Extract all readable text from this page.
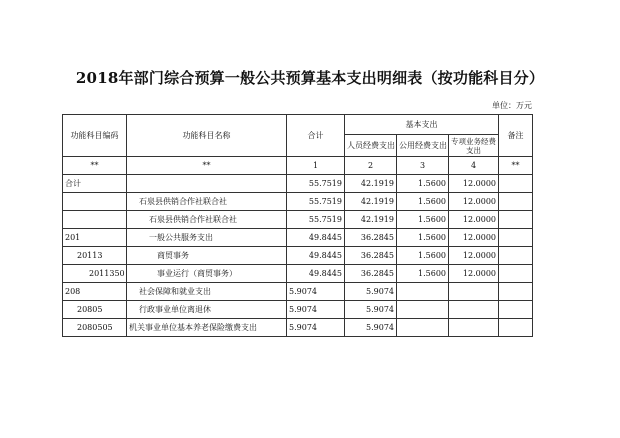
2018年部门综合预算一般公共预算基本支出明细表（按功能科目分）
单位：万元
功能科目编码	功能科目名称	合计	基本支出			备注
			人员经费支出	公用经费支出	专项业务经费支出	
**	**	1	2	3	4	**
合计		55.7519	42.1919	1.5600	12.0000	
	石泉县供销合作社联合社	55.7519	42.1919	1.5600	12.0000	
	石泉县供销合作社联合社	55.7519	42.1919	1.5600	12.0000	
201	一般公共服务支出	49.8445	36.2845	1.5600	12.0000	
20113	商贸事务	49.8445	36.2845	1.5600	12.0000	
2011350	事业运行（商贸事务）	49.8445	36.2845	1.5600	12.0000	
208	社会保障和就业支出	5.9074	5.9074			
20805	行政事业单位离退休	5.9074	5.9074			
2080505	机关事业单位基本养老保险缴费支出	5.9074	5.9074			
